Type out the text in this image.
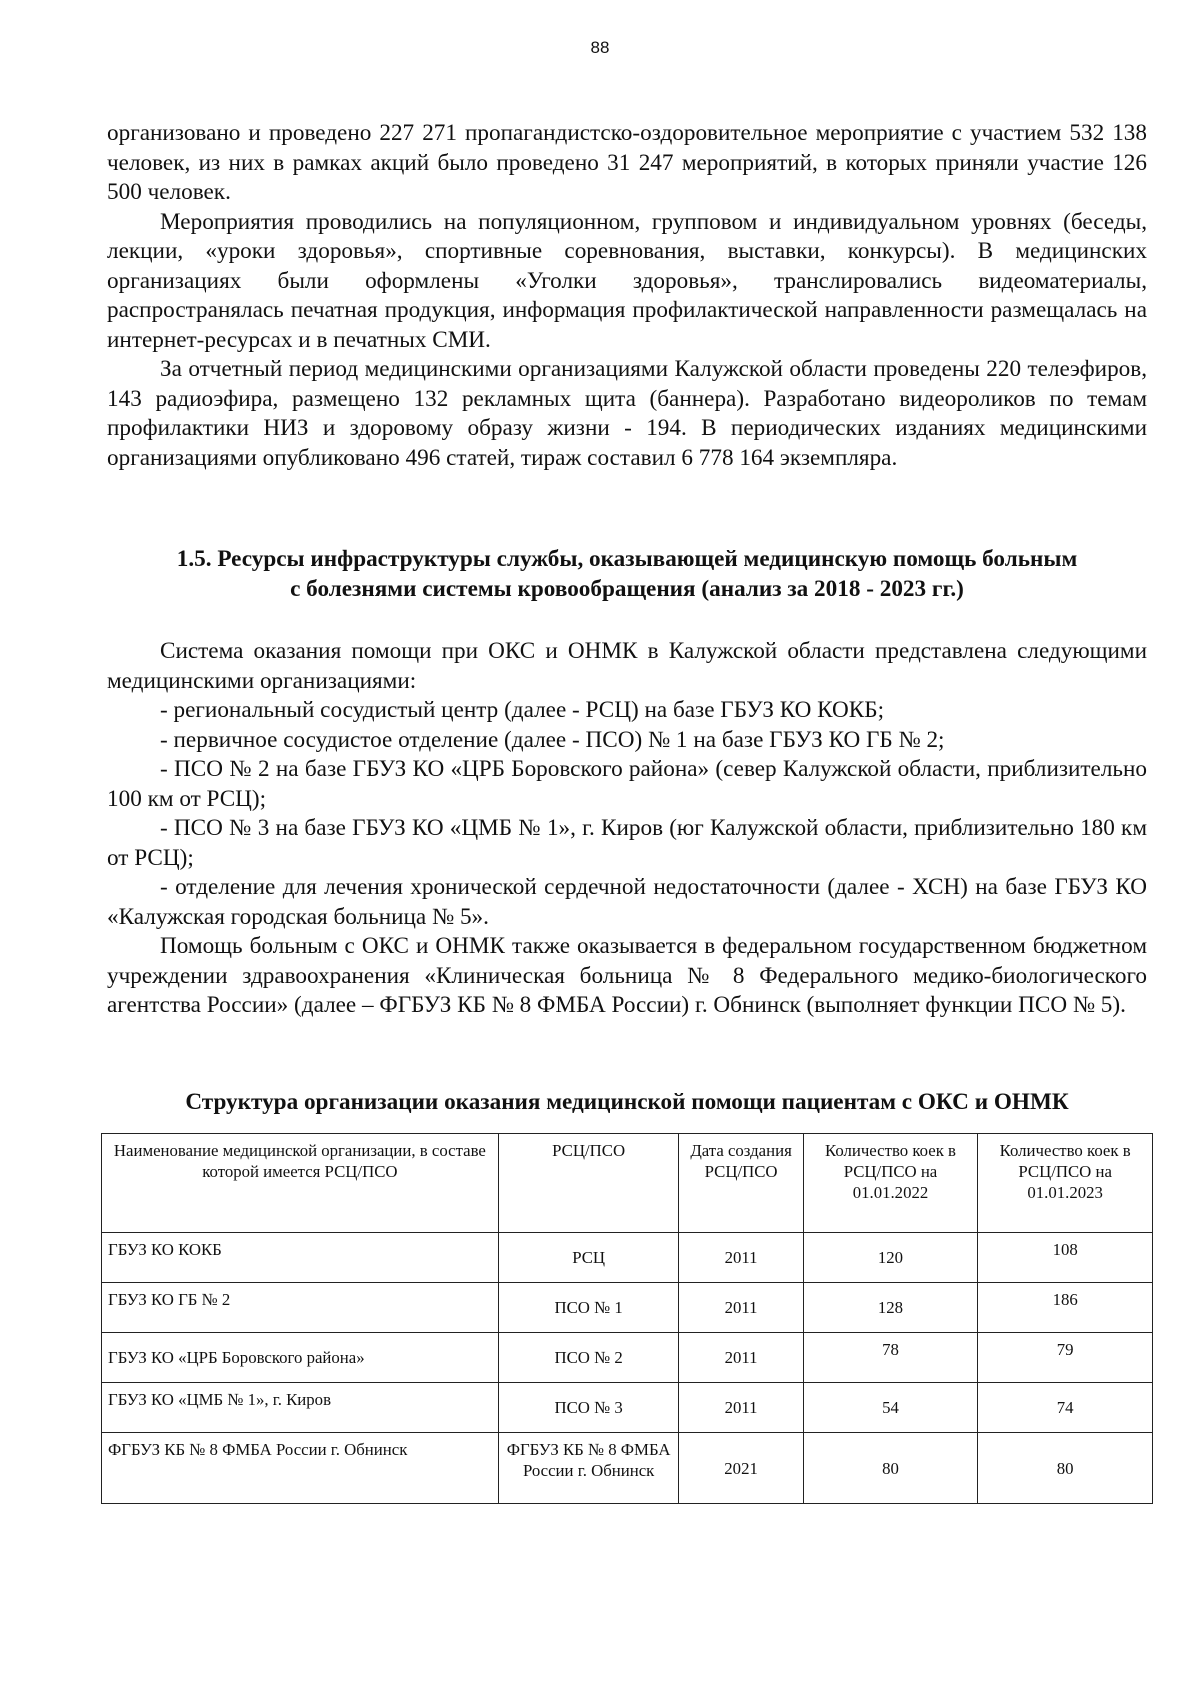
88

организовано и проведено 227 271 пропагандистско-оздоровительное мероприятие с участием 532 138 человек, из них в рамках акций было проведено 31 247 мероприятий, в которых приняли участие 126 500 человек.

Мероприятия проводились на популяционном, групповом и индивидуальном уровнях (беседы, лекции, «уроки здоровья», спортивные соревнования, выставки, конкурсы). В медицинских организациях были оформлены «Уголки здоровья», транслировались видеоматериалы, распространялась печатная продукция, информация профилактической направленности размещалась на интернет-ресурсах и в печатных СМИ.

За отчетный период медицинскими организациями Калужской области проведены 220 телеэфиров, 143 радиоэфира, размещено 132 рекламных щита (баннера). Разработано видеороликов по темам профилактики НИЗ и здоровому образу жизни - 194. В периодических изданиях медицинскими организациями опубликовано 496 статей, тираж составил 6 778 164 экземпляра.

1.5. Ресурсы инфраструктуры службы, оказывающей медицинскую помощь больным
с болезнями системы кровообращения (анализ за 2018 - 2023 гг.)

Система оказания помощи при ОКС и ОНМК в Калужской области представлена следующими медицинскими организациями:

- региональный сосудистый центр (далее - РСЦ) на базе ГБУЗ КО КОКБ;

- первичное сосудистое отделение (далее - ПСО) № 1 на базе ГБУЗ КО ГБ № 2;

- ПСО № 2 на базе ГБУЗ КО «ЦРБ Боровского района» (север Калужской области, приблизительно 100 км от РСЦ);

- ПСО № 3 на базе ГБУЗ КО «ЦМБ № 1», г. Киров (юг Калужской области, приблизительно 180 км от РСЦ);

- отделение для лечения хронической сердечной недостаточности (далее - ХСН) на базе ГБУЗ КО «Калужская городская больница № 5».

Помощь больным с ОКС и ОНМК также оказывается в федеральном государственном бюджетном учреждении здравоохранения «Клиническая больница № 8 Федерального медико-биологического агентства России» (далее – ФГБУЗ КБ № 8 ФМБА России) г. Обнинск (выполняет функции ПСО № 5).

Структура организации оказания медицинской помощи пациентам с ОКС и ОНМК
Наименование медицинской организации, в составе которой имеется РСЦ/ПСО	РСЦ/ПСО	Дата создания РСЦ/ПСО	Количество коек в РСЦ/ПСО на 01.01.2022	Количество коек в РСЦ/ПСО на 01.01.2023
ГБУЗ КО КОКБ	РСЦ	2011	120	108
ГБУЗ КО ГБ № 2	ПСО № 1	2011	128	186
ГБУЗ КО «ЦРБ Боровского района»	ПСО № 2	2011	78	79
ГБУЗ КО «ЦМБ № 1», г. Киров	ПСО № 3	2011	54	74
ФГБУЗ КБ № 8 ФМБА России г. Обнинск	ФГБУЗ КБ № 8 ФМБА России г. Обнинск	2021	80	80
